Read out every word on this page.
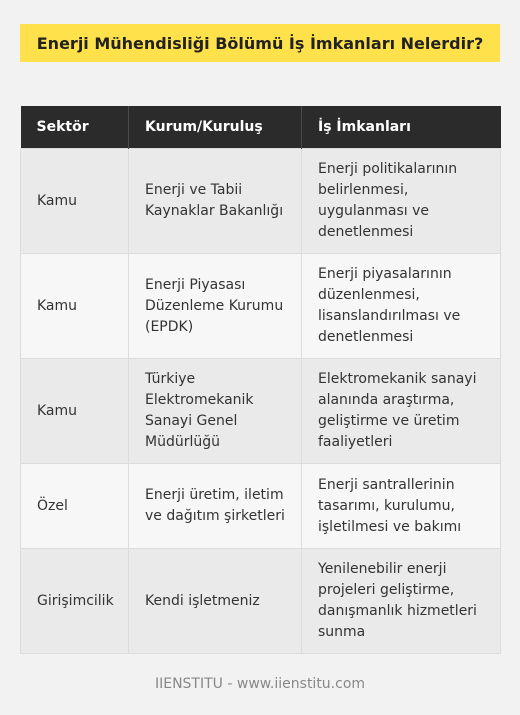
Enerji Mühendisliği Bölümü İş İmkanları Nelerdir?
Sektör	Kurum/Kuruluş	İş İmkanları
Kamu	Enerji ve Tabii Kaynaklar Bakanlığı	Enerji politikalarının belirlenmesi, uygulanması ve denetlenmesi
Kamu	Enerji Piyasası Düzenleme Kurumu (EPDK)	Enerji piyasalarının düzenlenmesi, lisanslandırılması ve denetlenmesi
Kamu	Türkiye Elektromekanik Sanayi Genel Müdürlüğü	Elektromekanik sanayi alanında araştırma, geliştirme ve üretim faaliyetleri
Özel	Enerji üretim, iletim ve dağıtım şirketleri	Enerji santrallerinin tasarımı, kurulumu, işletilmesi ve bakımı
Girişimcilik	Kendi işletmeniz	Yenilenebilir enerji projeleri geliştirme, danışmanlık hizmetleri sunma
IIENSTITU - www.iienstitu.com
